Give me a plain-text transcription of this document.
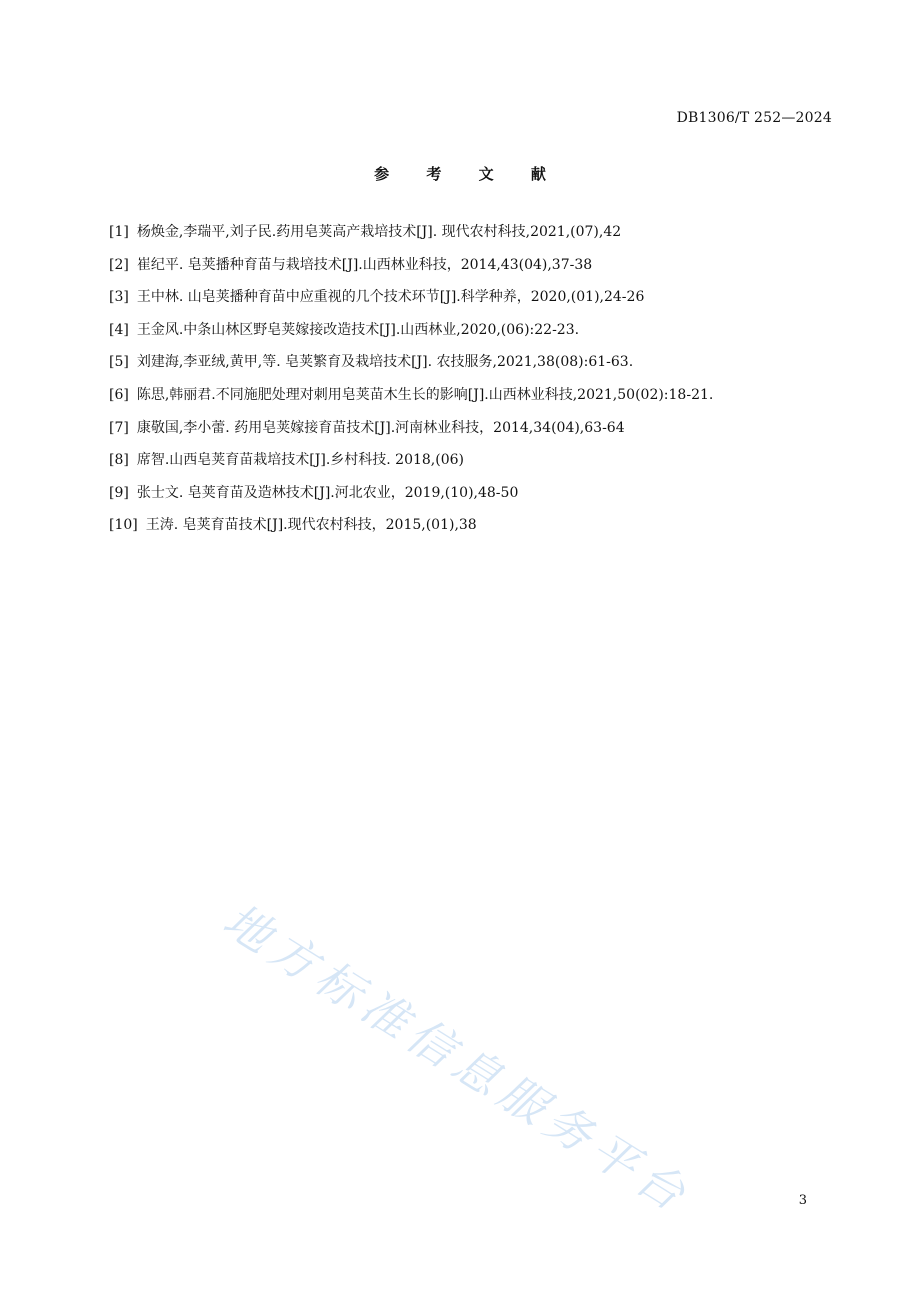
DB1306/T 252—2024
参 考 文 献
[1] 杨焕金,李瑞平,刘子民.药用皂荚高产栽培技术[J]. 现代农村科技,2021,(07),42
[2] 崔纪平. 皂荚播种育苗与栽培技术[J].山西林业科技，2014,43(04),37-38
[3] 王中林. 山皂荚播种育苗中应重视的几个技术环节[J].科学种养，2020,(01),24-26
[4] 王金风.中条山林区野皂荚嫁接改造技术[J].山西林业,2020,(06):22-23.
[5] 刘建海,李亚绒,黄甲,等. 皂荚繁育及栽培技术[J]. 农技服务,2021,38(08):61-63.
[6] 陈思,韩丽君.不同施肥处理对刺用皂荚苗木生长的影响[J].山西林业科技,2021,50(02):18-21.
[7] 康敬国,李小蕾. 药用皂荚嫁接育苗技术[J].河南林业科技，2014,34(04),63-64
[8] 席智.山西皂荚育苗栽培技术[J].乡村科技. 2018,(06)
[9] 张士文. 皂荚育苗及造林技术[J].河北农业，2019,(10),48-50
[10] 王涛. 皂荚育苗技术[J].现代农村科技，2015,(01),38
地方标准信息服务平台	3
